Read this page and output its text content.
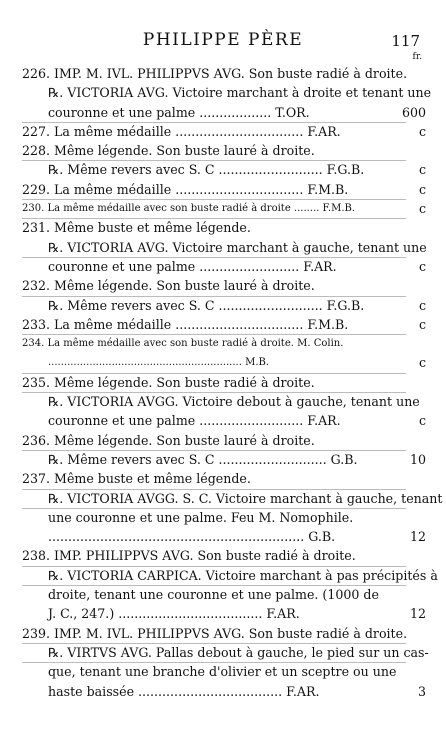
PHILIPPE PÈRE	117
fr.
226. IMP. M. IVL. PHILIPPVS AVG. Son buste radié à droite.
℞. VICTORIA AVG. Victoire marchant à droite et tenant une
couronne et une palme .................. T.OR.	600
227. La même médaille ................................ F.AR.	c
228. Même légende. Son buste lauré à droite.
℞. Même revers avec S. C .......................... F.G.B.	c
229. La même médaille ................................ F.M.B.	c
230. La même médaille avec son buste radié à droite ........ F.M.B.	c
231. Même buste et même légende.
℞. VICTORIA AVG. Victoire marchant à gauche, tenant une
couronne et une palme ......................... F.AR.	c
232. Même légende. Son buste lauré à droite.
℞. Même revers avec S. C .......................... F.G.B.	c
233. La même médaille ................................ F.M.B.	c
234. La même médaille avec son buste radié à droite. M. Colin.
............................................................. M.B.	c
235. Même légende. Son buste radié à droite.
℞. VICTORIA AVGG. Victoire debout à gauche, tenant une
couronne et une palme .......................... F.AR.	c
236. Même légende. Son buste lauré à droite.
℞. Même revers avec S. C ........................... G.B.	10
237. Même buste et même légende.
℞. VICTORIA AVGG. S. C. Victoire marchant à gauche, tenant
une couronne et une palme. Feu M. Nomophile.
................................................................ G.B.	12
238. IMP. PHILIPPVS AVG. Son buste radié à droite.
℞. VICTORIA CARPICA. Victoire marchant à pas précipités à
droite, tenant une couronne et une palme. (1000 de
J. C., 247.) .................................... F.AR.	12
239. IMP. M. IVL. PHILIPPVS AVG. Son buste radié à droite.
℞. VIRTVS AVG. Pallas debout à gauche, le pied sur un cas-
que, tenant une branche d'olivier et un sceptre ou une
haste baissée .................................... F.AR.	3
